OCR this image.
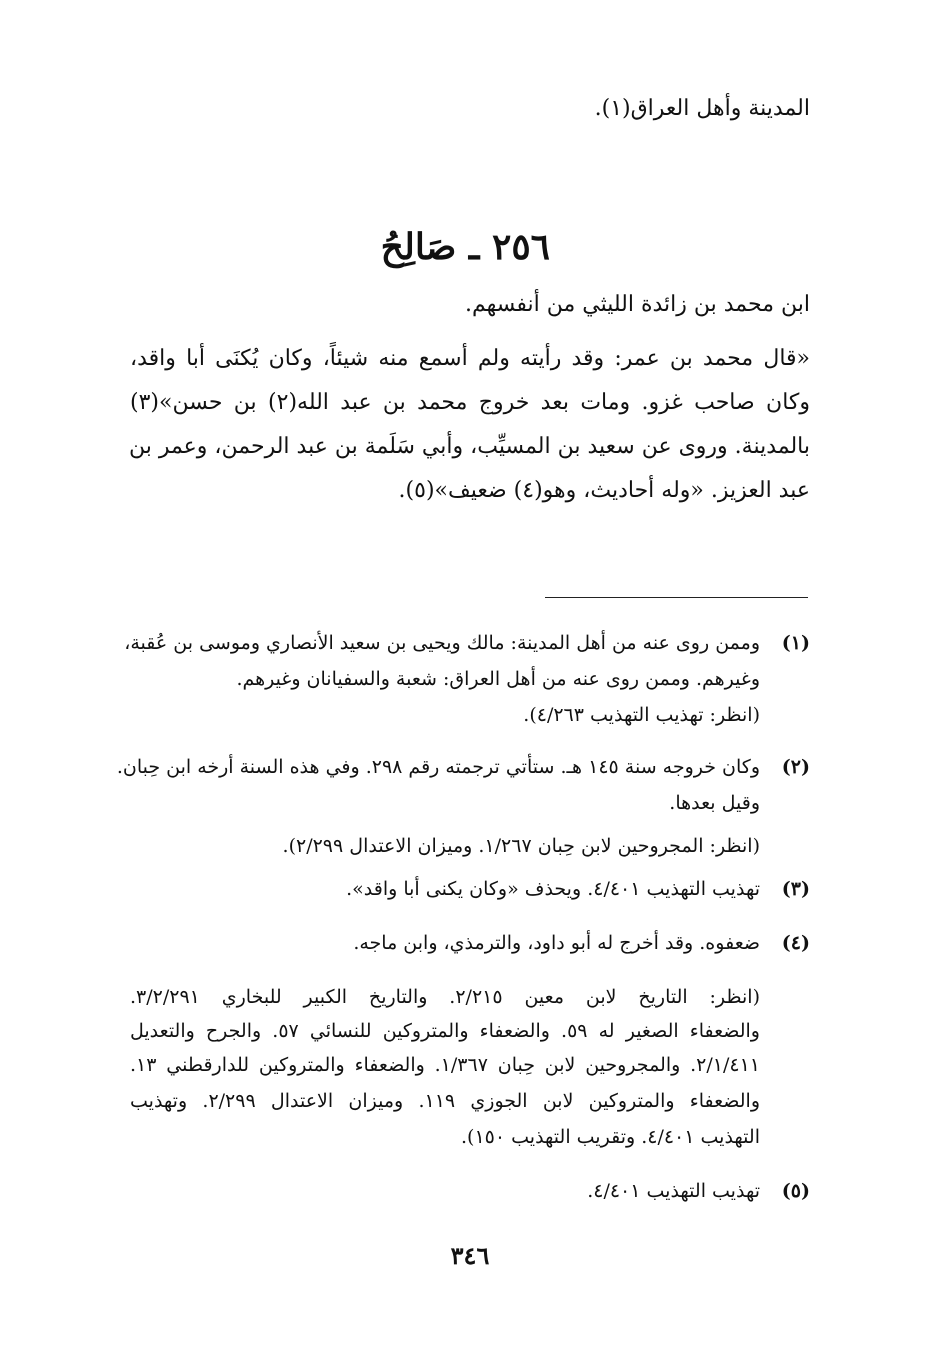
المدينة وأهل العراق(١).
٢٥٦ ـ صَالِحُ
ابن محمد بن زائدة الليثي من أنفسهم.
«قال محمد بن عمر: وقد رأيته ولم أسمع منه شيئاً، وكان يُكنَى أبا واقد،
وكان صاحب غزو. ومات بعد خروج محمد بن عبد الله(٢) بن حسن»(٣)
بالمدينة. وروى عن سعيد بن المسيِّب، وأبي سَلَمة بن عبد الرحمن، وعمر بن
عبد العزيز. «وله أحاديث، وهو(٤) ضعيف»(٥).
(١)
وممن روى عنه من أهل المدينة: مالك ويحيى بن سعيد الأنصاري وموسى بن عُقبة،
وغيرهم. وممن روى عنه من أهل العراق: شعبة والسفيانان وغيرهم.
(انظر: تهذيب التهذيب ٤/٢٦٣).
(٢)
وكان خروجه سنة ١٤٥ هـ. ستأتي ترجمته رقم ٢٩٨. وفي هذه السنة أرخه ابن حِبان.
وقيل بعدها.
(انظر: المجروحين لابن حِبان ١/٢٦٧. وميزان الاعتدال ٢/٢٩٩).
(٣)
تهذيب التهذيب ٤/٤٠١. ويحذف «وكان يكنى أبا واقد».
(٤)
ضعفوه. وقد أخرج له أبو داود، والترمذي، وابن ماجه.
(انظر: التاريخ لابن معين ٢/٢١٥. والتاريخ الكبير للبخاري ٣/٢/٢٩١.
والضعفاء الصغير له ٥٩. والضعفاء والمتروكين للنسائي ٥٧. والجرح والتعديل
٢/١/٤١١. والمجروحين لابن حِبان ١/٣٦٧. والضعفاء والمتروكين للدارقطني ١٣.
والضعفاء والمتروكين لابن الجوزي ١١٩. وميزان الاعتدال ٢/٢٩٩. وتهذيب
التهذيب ٤/٤٠١. وتقريب التهذيب ١٥٠).
(٥)
تهذيب التهذيب ٤/٤٠١.
٣٤٦
